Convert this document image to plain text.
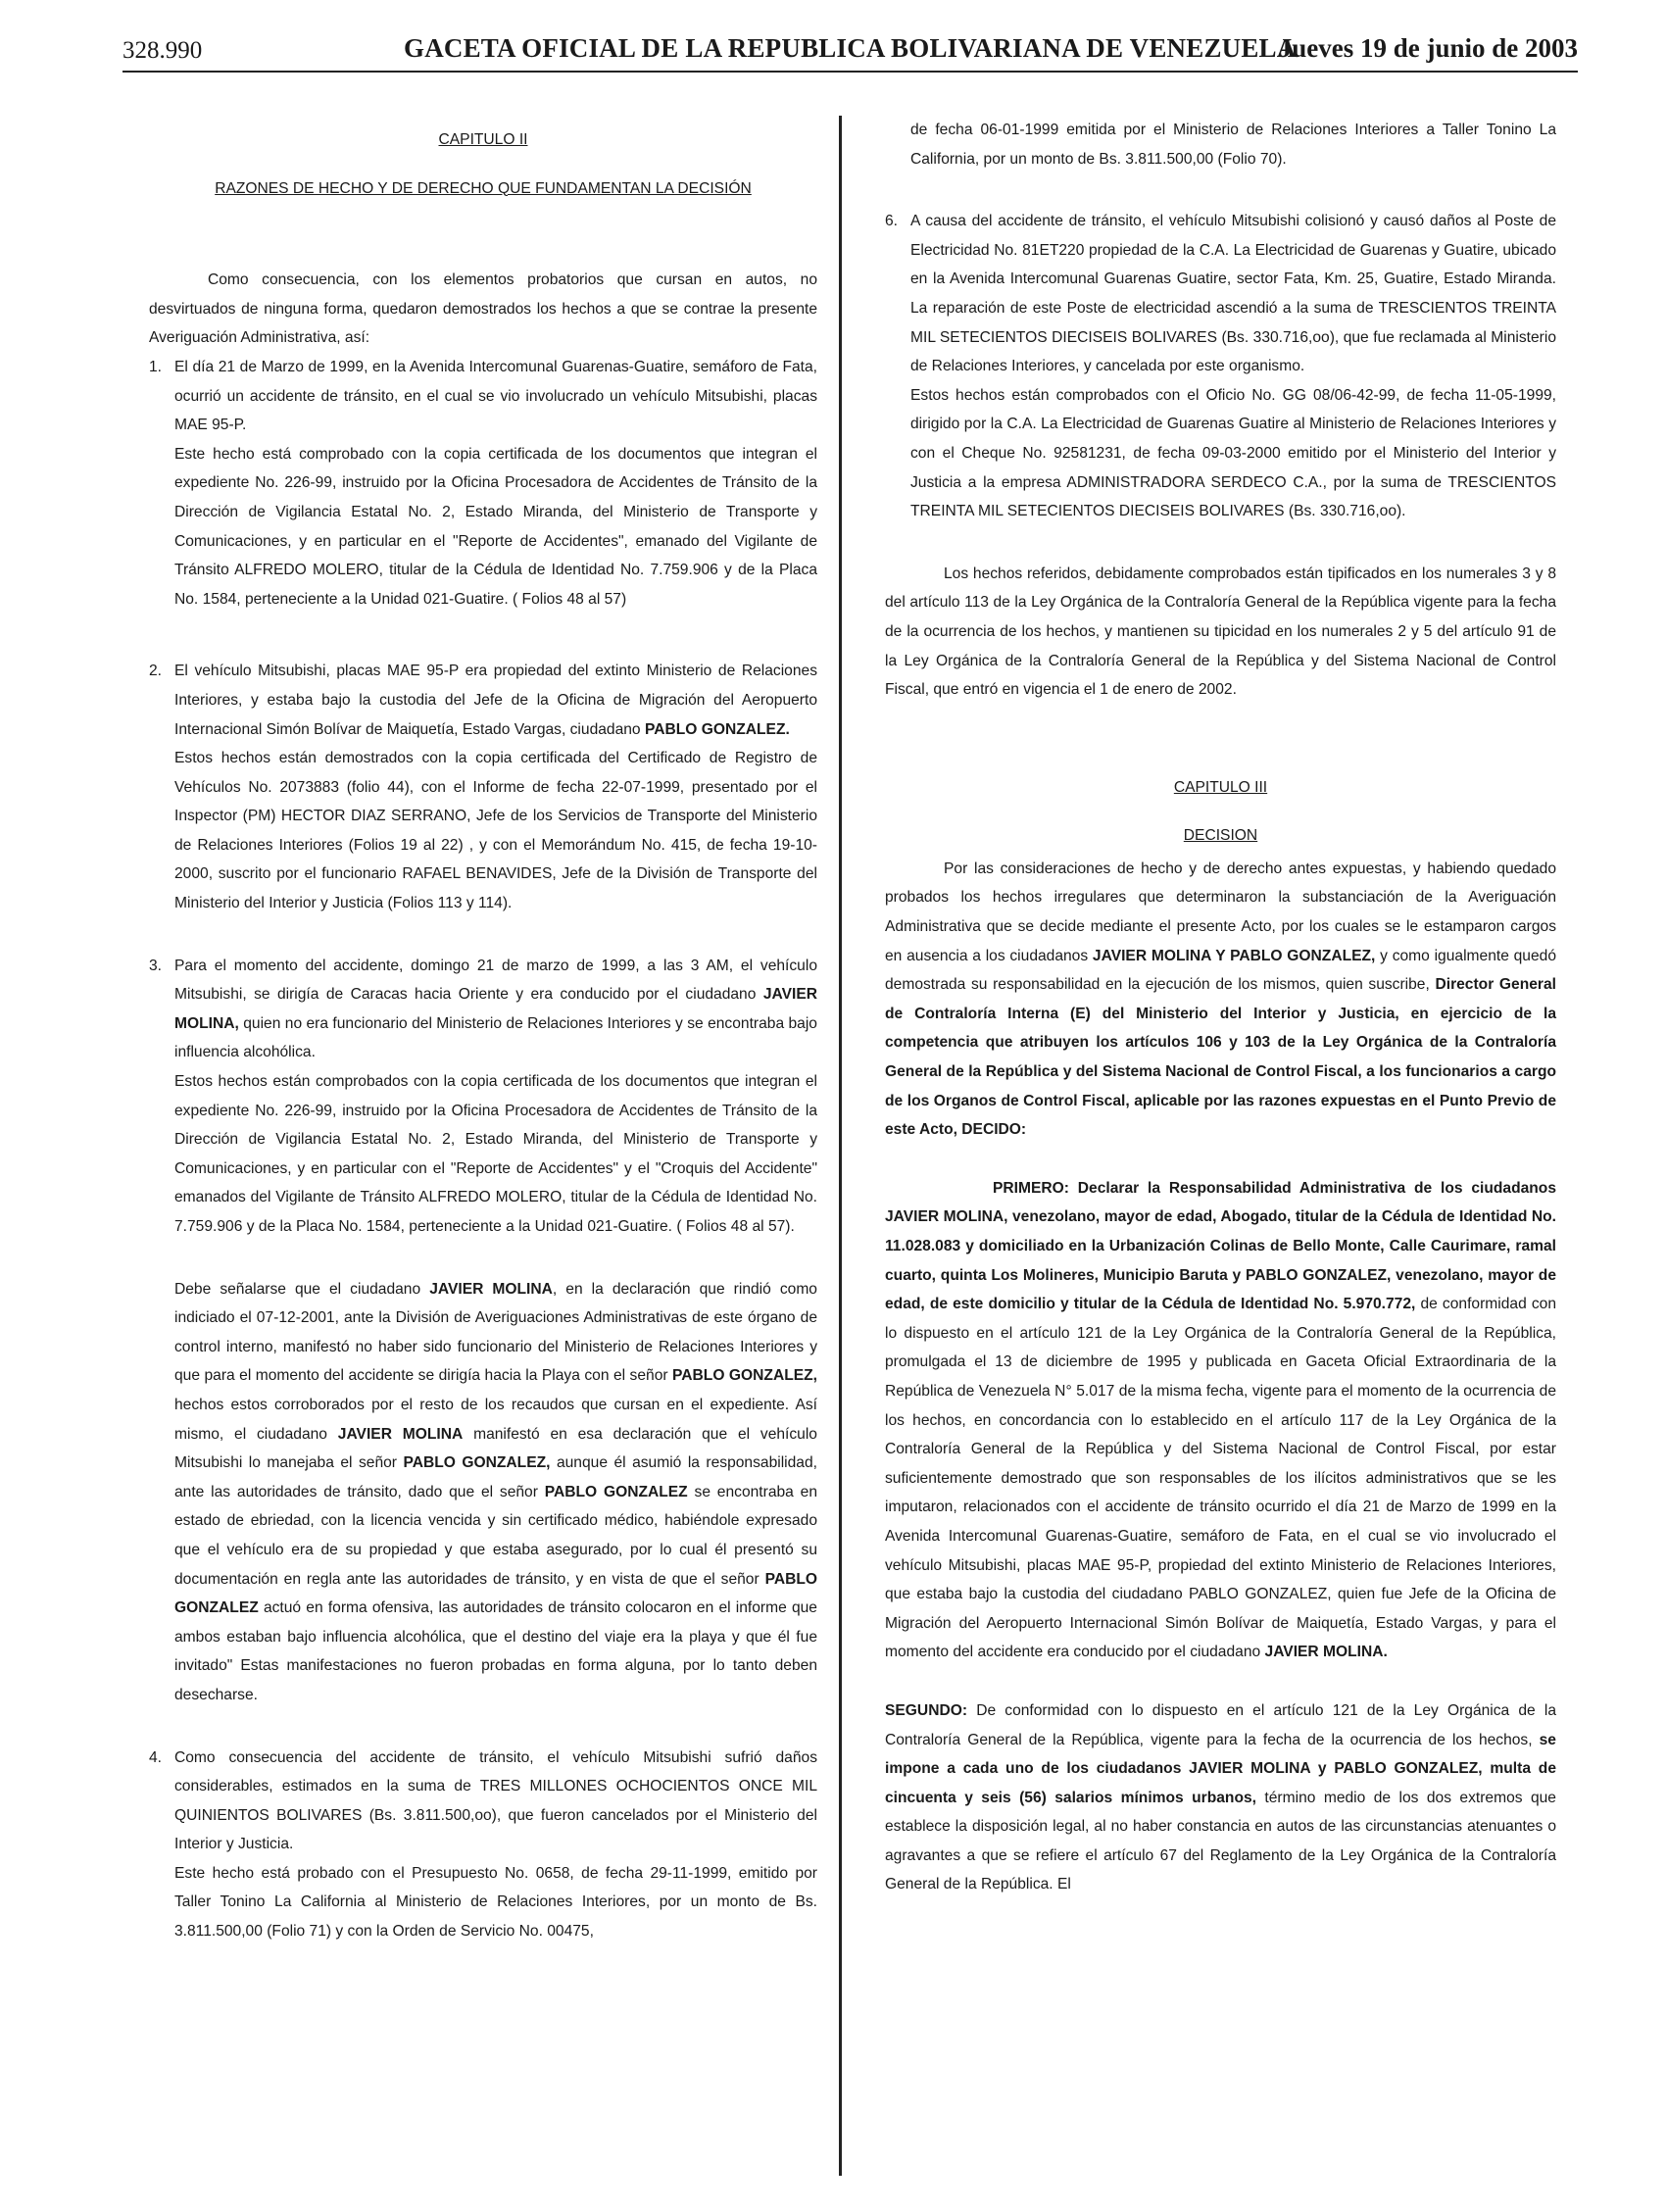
328.990	GACETA OFICIAL DE LA REPUBLICA BOLIVARIANA DE VENEZUELA
Jueves 19 de junio de 2003

CAPITULO II

RAZONES DE HECHO Y DE DERECHO QUE FUNDAMENTAN LA DECISIÓN

Como consecuencia, con los elementos probatorios que cursan en autos, no desvirtuados de ninguna forma, quedaron demostrados los hechos a que se contrae la presente Averiguación Administrativa, así:

1. El día 21 de Marzo de 1999, en la Avenida Intercomunal Guarenas-Guatire, semáforo de Fata, ocurrió un accidente de tránsito, en el cual se vio involucrado un vehículo Mitsubishi, placas MAE 95-P.

Este hecho está comprobado con la copia certificada de los documentos que integran el expediente No. 226-99, instruido por la Oficina Procesadora de Accidentes de Tránsito de la Dirección de Vigilancia Estatal No. 2, Estado Miranda, del Ministerio de Transporte y Comunicaciones, y en particular en el "Reporte de Accidentes", emanado del Vigilante de Tránsito ALFREDO MOLERO, titular de la Cédula de Identidad No. 7.759.906 y de la Placa No. 1584, perteneciente a la Unidad 021-Guatire. ( Folios 48 al 57)

2. El vehículo Mitsubishi, placas MAE 95-P era propiedad del extinto Ministerio de Relaciones Interiores, y estaba bajo la custodia del Jefe de la Oficina de Migración del Aeropuerto Internacional Simón Bolívar de Maiquetía, Estado Vargas, ciudadano PABLO GONZALEZ.

Estos hechos están demostrados con la copia certificada del Certificado de Registro de Vehículos No. 2073883 (folio 44), con el Informe de fecha 22-07-1999, presentado por el Inspector (PM) HECTOR DIAZ SERRANO, Jefe de los Servicios de Transporte del Ministerio de Relaciones Interiores (Folios 19 al 22) , y con el Memorándum No. 415, de fecha 19-10-2000, suscrito por el funcionario RAFAEL BENAVIDES, Jefe de la División de Transporte del Ministerio del Interior y Justicia (Folios 113 y 114).

3. Para el momento del accidente, domingo 21 de marzo de 1999, a las 3 AM, el vehículo Mitsubishi, se dirigía de Caracas hacia Oriente y era conducido por el ciudadano JAVIER MOLINA, quien no era funcionario del Ministerio de Relaciones Interiores y se encontraba bajo influencia alcohólica.

Estos hechos están comprobados con la copia certificada de los documentos que integran el expediente No. 226-99, instruido por la Oficina Procesadora de Accidentes de Tránsito de la Dirección de Vigilancia Estatal No. 2, Estado Miranda, del Ministerio de Transporte y Comunicaciones, y en particular con el "Reporte de Accidentes" y el "Croquis del Accidente" emanados del Vigilante de Tránsito ALFREDO MOLERO, titular de la Cédula de Identidad No. 7.759.906 y de la Placa No. 1584, perteneciente a la Unidad 021-Guatire. ( Folios 48 al 57).

Debe señalarse que el ciudadano JAVIER MOLINA, en la declaración que rindió como indiciado el 07-12-2001, ante la División de Averiguaciones Administrativas de este órgano de control interno, manifestó no haber sido funcionario del Ministerio de Relaciones Interiores y que para el momento del accidente se dirigía hacia la Playa con el señor PABLO GONZALEZ, hechos estos corroborados por el resto de los recaudos que cursan en el expediente. Así mismo, el ciudadano JAVIER MOLINA manifestó en esa declaración que el vehículo Mitsubishi lo manejaba el señor PABLO GONZALEZ, aunque él asumió la responsabilidad, ante las autoridades de tránsito, dado que el señor PABLO GONZALEZ se encontraba en estado de ebriedad, con la licencia vencida y sin certificado médico, habiéndole expresado que el vehículo era de su propiedad y que estaba asegurado, por lo cual él presentó su documentación en regla ante las autoridades de tránsito, y en vista de que el señor PABLO GONZALEZ actuó en forma ofensiva, las autoridades de tránsito colocaron en el informe que ambos estaban bajo influencia alcohólica, que el destino del viaje era la playa y que él fue invitado" Estas manifestaciones no fueron probadas en forma alguna, por lo tanto deben desecharse.

4. Como consecuencia del accidente de tránsito, el vehículo Mitsubishi sufrió daños considerables, estimados en la suma de TRES MILLONES OCHOCIENTOS ONCE MIL QUINIENTOS BOLIVARES (Bs. 3.811.500,oo), que fueron cancelados por el Ministerio del Interior y Justicia.

Este hecho está probado con el Presupuesto No. 0658, de fecha 29-11-1999, emitido por Taller Tonino La California al Ministerio de Relaciones Interiores, por un monto de Bs. 3.811.500,00 (Folio 71) y con la Orden de Servicio No. 00475,

de fecha 06-01-1999 emitida por el Ministerio de Relaciones Interiores a Taller Tonino La California, por un monto de Bs. 3.811.500,00 (Folio 70).

6. A causa del accidente de tránsito, el vehículo Mitsubishi colisionó y causó daños al Poste de Electricidad No. 81ET220 propiedad de la C.A. La Electricidad de Guarenas y Guatire, ubicado en la Avenida Intercomunal Guarenas Guatire, sector Fata, Km. 25, Guatire, Estado Miranda. La reparación de este Poste de electricidad ascendió a la suma de TRESCIENTOS TREINTA MIL SETECIENTOS DIECISEIS BOLIVARES (Bs. 330.716,oo), que fue reclamada al Ministerio de Relaciones Interiores, y cancelada por este organismo.

Estos hechos están comprobados con el Oficio No. GG 08/06-42-99, de fecha 11-05-1999, dirigido por la C.A. La Electricidad de Guarenas Guatire al Ministerio de Relaciones Interiores y con el Cheque No. 92581231, de fecha 09-03-2000 emitido por el Ministerio del Interior y Justicia a la empresa ADMINISTRADORA SERDECO C.A., por la suma de TRESCIENTOS TREINTA MIL SETECIENTOS DIECISEIS BOLIVARES (Bs. 330.716,oo).

Los hechos referidos, debidamente comprobados están tipificados en los numerales 3 y 8 del artículo 113 de la Ley Orgánica de la Contraloría General de la República vigente para la fecha de la ocurrencia de los hechos, y mantienen su tipicidad en los numerales 2 y 5 del artículo 91 de la Ley Orgánica de la Contraloría General de la República y del Sistema Nacional de Control Fiscal, que entró en vigencia el 1 de enero de 2002.

CAPITULO III

DECISION

Por las consideraciones de hecho y de derecho antes expuestas, y habiendo quedado probados los hechos irregulares que determinaron la substanciación de la Averiguación Administrativa que se decide mediante el presente Acto, por los cuales se le estamparon cargos en ausencia a los ciudadanos JAVIER MOLINA Y PABLO GONZALEZ, y como igualmente quedó demostrada su responsabilidad en la ejecución de los mismos, quien suscribe, Director General de Contraloría Interna (E) del Ministerio del Interior y Justicia, en ejercicio de la competencia que atribuyen los artículos 106 y 103 de la Ley Orgánica de la Contraloría General de la República y del Sistema Nacional de Control Fiscal, a los funcionarios a cargo de los Organos de Control Fiscal, aplicable por las razones expuestas en el Punto Previo de este Acto, DECIDO:

PRIMERO: Declarar la Responsabilidad Administrativa de los ciudadanos JAVIER MOLINA, venezolano, mayor de edad, Abogado, titular de la Cédula de Identidad No. 11.028.083 y domiciliado en la Urbanización Colinas de Bello Monte, Calle Caurimare, ramal cuarto, quinta Los Molineres, Municipio Baruta y PABLO GONZALEZ, venezolano, mayor de edad, de este domicilio y titular de la Cédula de Identidad No. 5.970.772, de conformidad con lo dispuesto en el artículo 121 de la Ley Orgánica de la Contraloría General de la República, promulgada el 13 de diciembre de 1995 y publicada en Gaceta Oficial Extraordinaria de la República de Venezuela N° 5.017 de la misma fecha, vigente para el momento de la ocurrencia de los hechos, en concordancia con lo establecido en el artículo 117 de la Ley Orgánica de la Contraloría General de la República y del Sistema Nacional de Control Fiscal, por estar suficientemente demostrado que son responsables de los ilícitos administrativos que se les imputaron, relacionados con el accidente de tránsito ocurrido el día 21 de Marzo de 1999 en la Avenida Intercomunal Guarenas-Guatire, semáforo de Fata, en el cual se vio involucrado el vehículo Mitsubishi, placas MAE 95-P, propiedad del extinto Ministerio de Relaciones Interiores, que estaba bajo la custodia del ciudadano PABLO GONZALEZ, quien fue Jefe de la Oficina de Migración del Aeropuerto Internacional Simón Bolívar de Maiquetía, Estado Vargas, y para el momento del accidente era conducido por el ciudadano JAVIER MOLINA.

SEGUNDO: De conformidad con lo dispuesto en el artículo 121 de la Ley Orgánica de la Contraloría General de la República, vigente para la fecha de la ocurrencia de los hechos, se impone a cada uno de los ciudadanos JAVIER MOLINA y PABLO GONZALEZ, multa de cincuenta y seis (56) salarios mínimos urbanos, término medio de los dos extremos que establece la disposición legal, al no haber constancia en autos de las circunstancias atenuantes o agravantes a que se refiere el artículo 67 del Reglamento de la Ley Orgánica de la Contraloría General de la República. El
